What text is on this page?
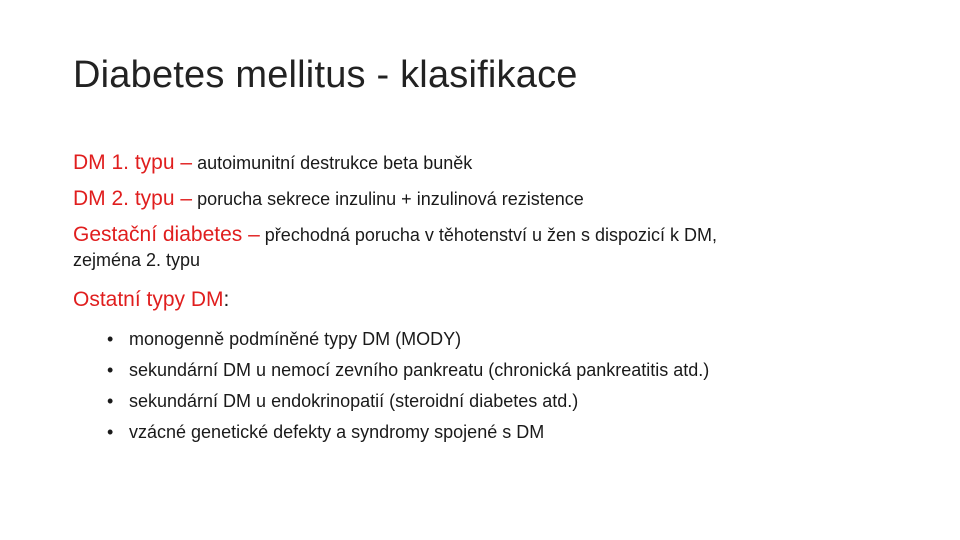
Diabetes mellitus - klasifikace

DM 1. typu – autoimunitní destrukce beta buněk

DM 2. typu – porucha sekrece inzulinu + inzulinová rezistence

Gestační diabetes – přechodná porucha v těhotenství u žen s dispozicí k DM,

zejména 2. typu

Ostatní typy DM:

• monogenně podmíněné typy DM (MODY)
• sekundární DM u nemocí zevního pankreatu (chronická pankreatitis atd.)
• sekundární DM u endokrinopatií (steroidní diabetes atd.)
• vzácné genetické defekty a syndromy spojené s DM
